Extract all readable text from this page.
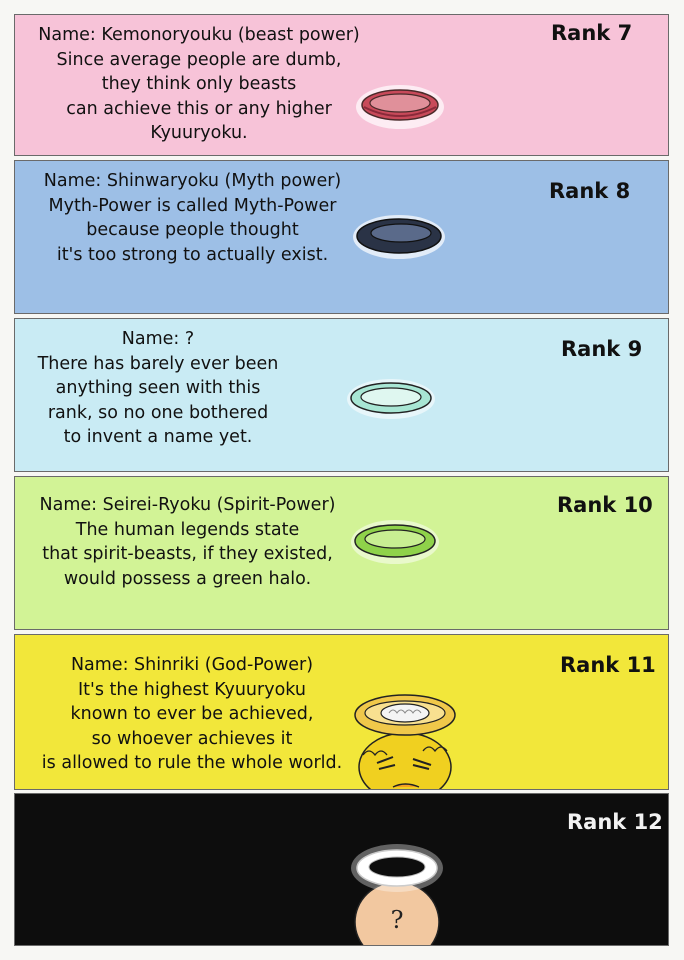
Name: Kemonoryouku (beast power)
Since average people are dumb,
they think only beasts
can achieve this or any higher
Kyuuryoku.

Rank 7

Name: Shinwaryoku (Myth power)
Myth-Power is called Myth-Power
because people thought
it's too strong to actually exist.

Rank 8

Name: ?
There has barely ever been
anything seen with this
rank, so no one bothered
to invent a name yet.

Rank 9

Name: Seirei-Ryoku (Spirit-Power)
The human legends state
that spirit-beasts, if they existed,
would possess a green halo.

Rank 10

Name: Shinriki (God-Power)
It's the highest Kyuuryoku
known to ever be achieved,
so whoever achieves it
is allowed to rule the whole world.

Rank 11
Rank 12
?
